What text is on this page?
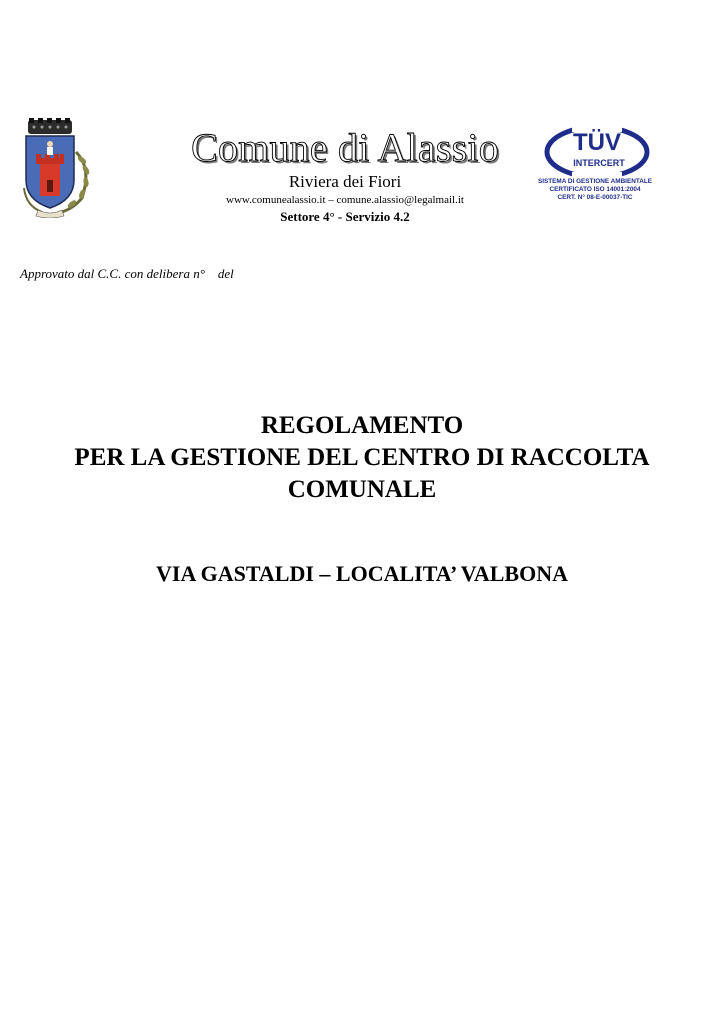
Comune di Alassio
Riviera dei Fiori
www.comunealassio.it – comune.alassio@legalmail.it
Settore 4° - Servizio 4.2
TÜV
INTERCERT
SISTEMA DI GESTIONE AMBIENTALE
CERTIFICATO ISO 14001:2004
CERT. N° 08-E-00037-TIC
Approvato dal C.C. con delibera n°    del
REGOLAMENTO
PER LA GESTIONE DEL CENTRO DI RACCOLTA
COMUNALE
VIA GASTALDI – LOCALITA’ VALBONA
